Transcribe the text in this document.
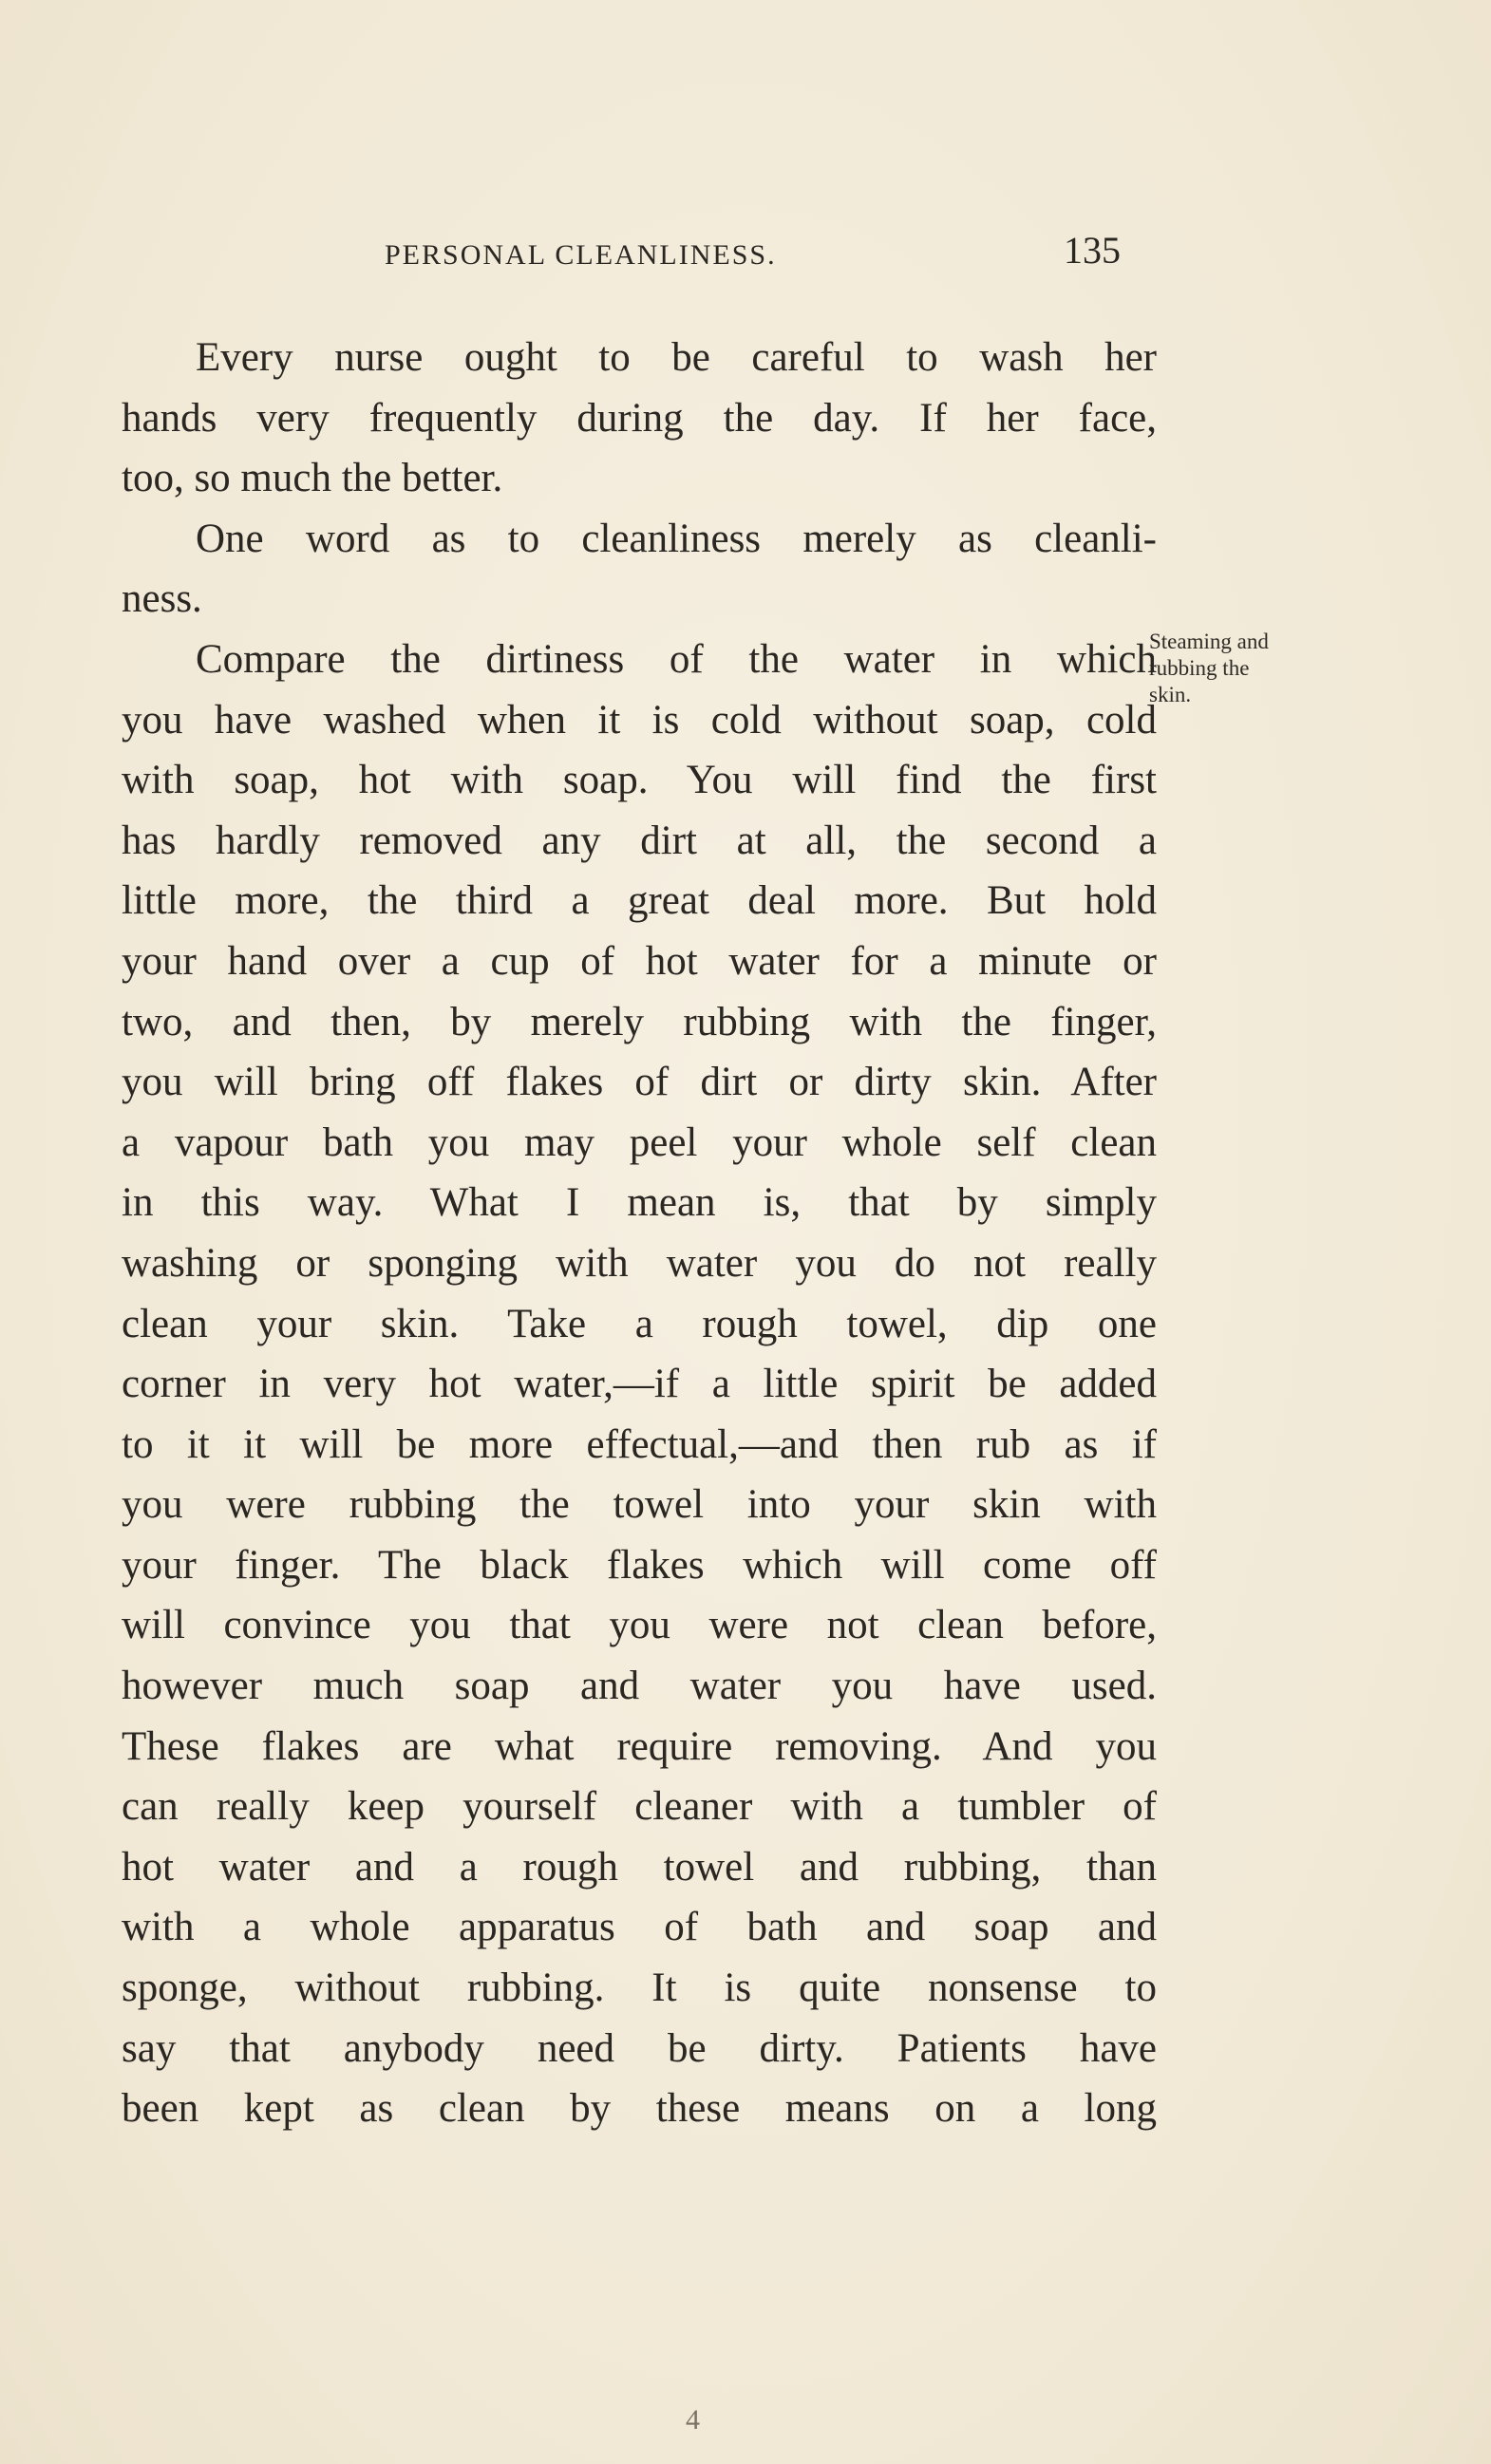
PERSONAL CLEANLINESS.	135
Steaming and
rubbing the
skin.
Every nurse ought to be careful to wash her
hands very frequently during the day. If her face,
too, so much the better.
One word as to cleanliness merely as cleanli-
ness.
Compare the dirtiness of the water in which
you have washed when it is cold without soap, cold
with soap, hot with soap. You will find the first
has hardly removed any dirt at all, the second a
little more, the third a great deal more. But hold
your hand over a cup of hot water for a minute or
two, and then, by merely rubbing with the finger,
you will bring off flakes of dirt or dirty skin. After
a vapour bath you may peel your whole self clean
in this way. What I mean is, that by simply
washing or sponging with water you do not really
clean your skin. Take a rough towel, dip one
corner in very hot water,—if a little spirit be added
to it it will be more effectual,—and then rub as if
you were rubbing the towel into your skin with
your finger. The black flakes which will come off
will convince you that you were not clean before,
however much soap and water you have used.
These flakes are what require removing. And you
can really keep yourself cleaner with a tumbler of
hot water and a rough towel and rubbing, than
with a whole apparatus of bath and soap and
sponge, without rubbing. It is quite nonsense to
say that anybody need be dirty. Patients have
been kept as clean by these means on a long
4
